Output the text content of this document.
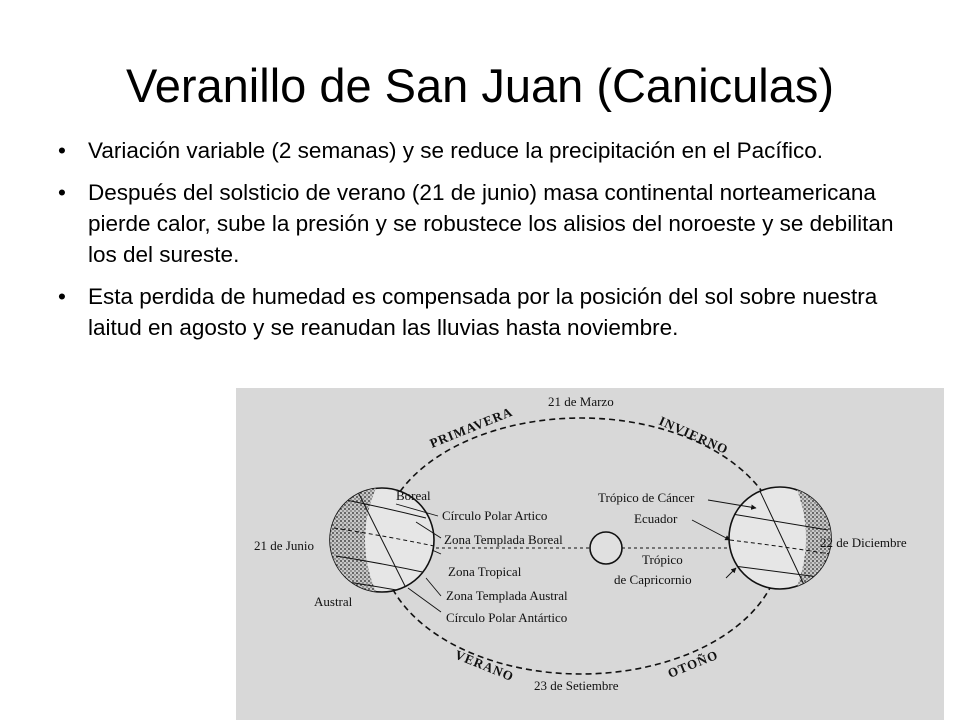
Veranillo de San Juan (Caniculas)
• Variación variable (2 semanas) y se reduce la precipitación en el Pacífico.
• Después del solsticio de verano (21 de junio) masa continental norteamericana pierde calor, sube la presión y se robustece los alisios del noroeste y se debilitan los del sureste.
• Esta perdida de humedad es compensada por la posición del sol sobre nuestra laitud en agosto y se reanudan las lluvias hasta noviembre.
21 de Marzo
21 de Junio	22 de Diciembre
23 de Setiembre
PRIMAVERA	INVIERNO
VERANO	OTOÑO
Boreal
Austral
Círculo Polar Artico
Zona Templada Boreal
Zona Tropical
Zona Templada Austral
Círculo Polar Antártico
Trópico de Cáncer
Ecuador
Trópico
de Capricornio
